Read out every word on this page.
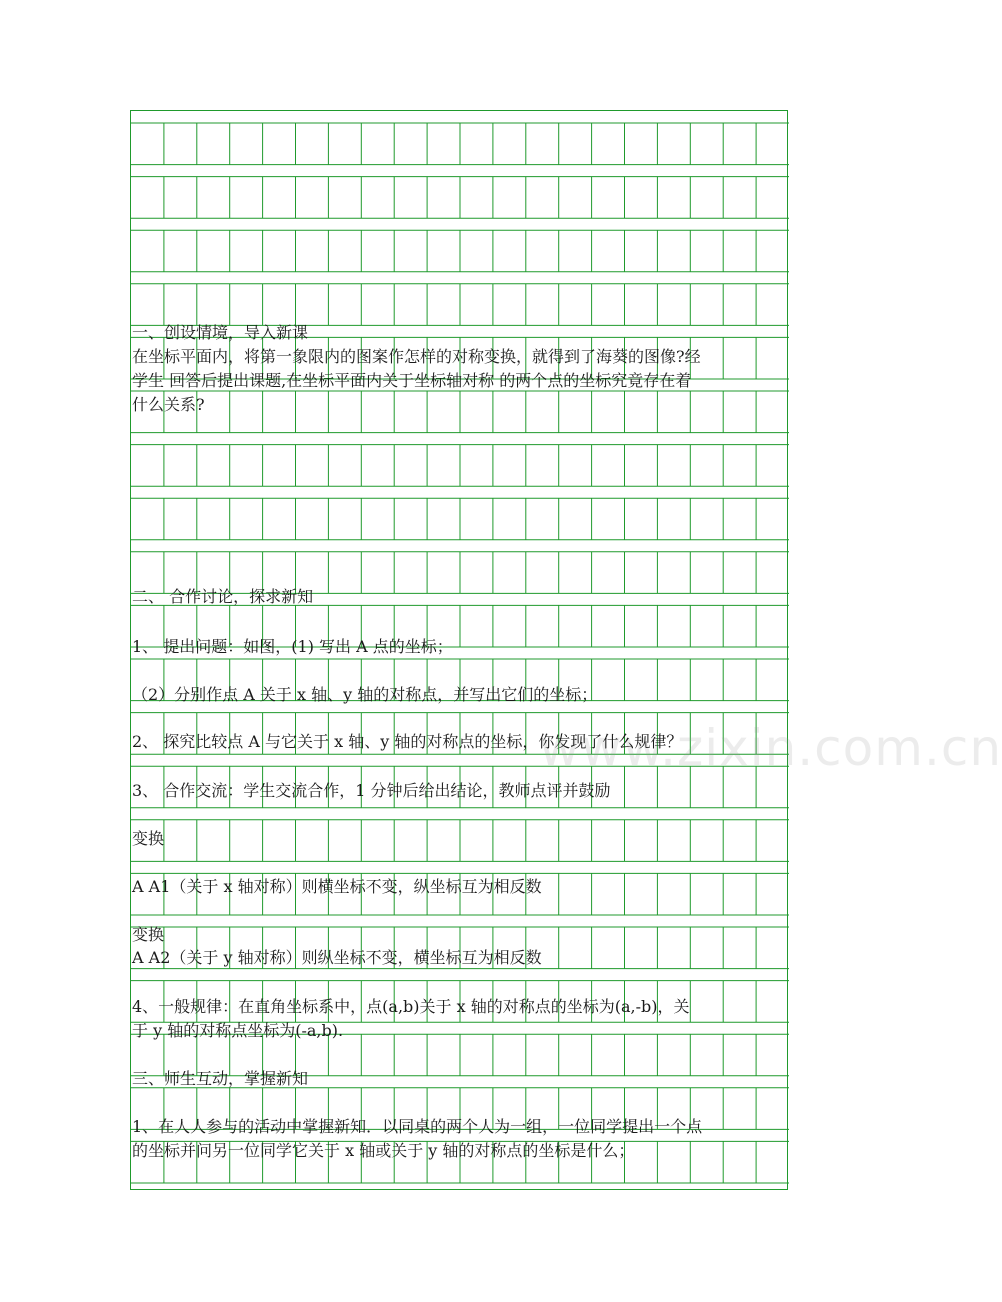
www.zixin.com.cn
一、创设情境，导入新课
在坐标平面内，将第一象限内的图案作怎样的对称变换，就得到了海葵的图像?经
学生 回答后提出课题,在坐标平面内关于坐标轴对称 的两个点的坐标究竟存在着
什么关系?
二、 合作讨论，探求新知
1、 提出问题：如图，(1) 写出 A 点的坐标；
（2）分别作点 A 关于 x 轴、y 轴的对称点，并写出它们的坐标；
2、 探究比较点 A 与它关于 x 轴、y 轴的对称点的坐标，你发现了什么规律？
3、 合作交流：学生交流合作，1 分钟后给出结论，教师点评并鼓励
变换
A A1（关于 x 轴对称）则横坐标不变，纵坐标互为相反数
变换
A A2（关于 y 轴对称）则纵坐标不变，横坐标互为相反数
4、一般规律：在直角坐标系中，点(a,b)关于 x 轴的对称点的坐标为(a,-b)，关
于 y 轴的对称点坐标为(-a,b).
三、师生互动，掌握新知
1、在人人参与的活动中掌握新知．以同桌的两个人为一组，一位同学提出一个点
的坐标并问另一位同学它关于 x 轴或关于 y 轴的对称点的坐标是什么；
